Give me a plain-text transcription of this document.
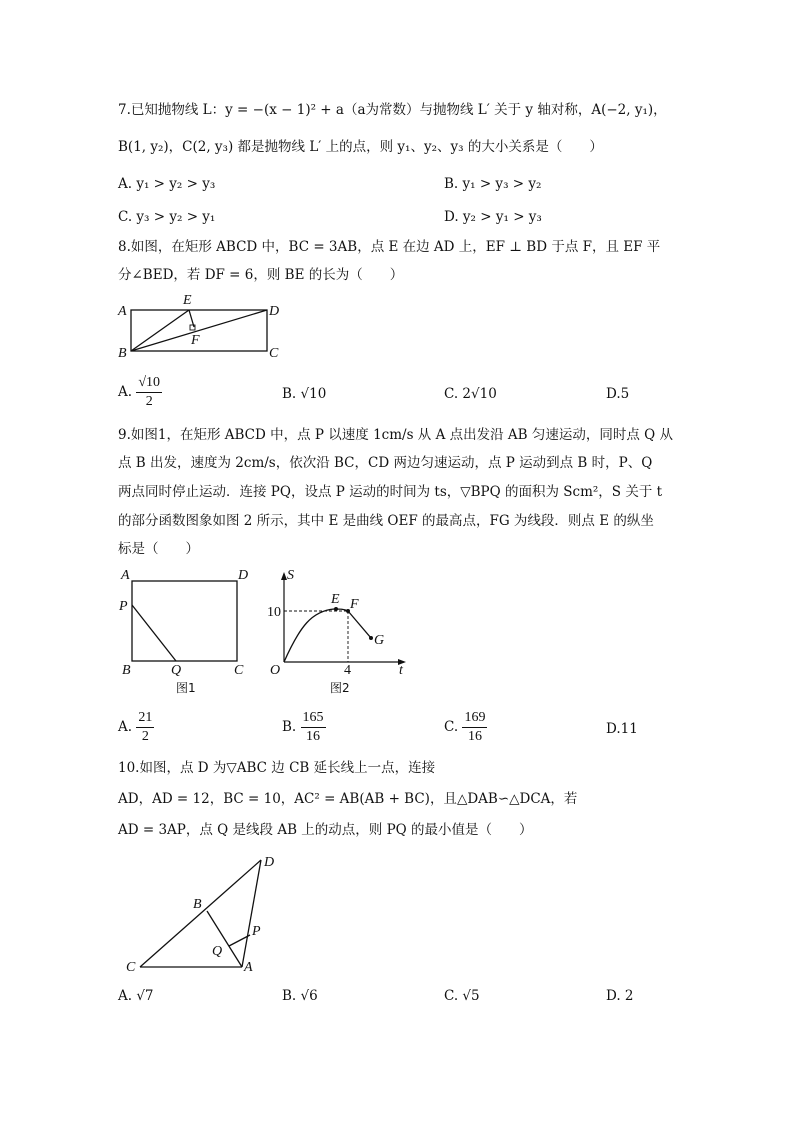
7.已知抛物线 L：y = −(x − 1)² + a（a为常数）与抛物线 L′ 关于 y 轴对称，A(−2, y₁)，
B(1, y₂)，C(2, y₃) 都是抛物线 L′ 上的点，则 y₁、y₂、y₃ 的大小关系是（　　）
A. y₁ > y₂ > y₃	B. y₁ > y₃ > y₂
C. y₃ > y₂ > y₁	D. y₂ > y₁ > y₃
8.如图，在矩形 ABCD 中，BC = 3AB，点 E 在边 AD 上，EF ⊥ BD 于点 F，且 EF 平
分∠BED，若 DF = 6，则 BE 的长为（　　）
A
E
D
B
F
C
A. $\frac{√10}{2}$	B. √10	C. 2√10	D.5
9.如图1，在矩形 ABCD 中，点 P 以速度 1cm/s 从 A 点出发沿 AB 匀速运动，同时点 Q 从
点 B 出发，速度为 2cm/s，依次沿 BC，CD 两边匀速运动，点 P 运动到点 B 时，P、Q
两点同时停止运动．连接 PQ，设点 P 运动的时间为 ts，▽BPQ 的面积为 Scm²，S 关于 t
的部分函数图象如图 2 所示，其中 E 是曲线 OEF 的最高点，FG 为线段．则点 E 的纵坐
标是（　　）
A	D
P
B	Q	C
图1
S
E F
G
O	t
10
4
图2
A. $\frac{21}{2}$	B. $\frac{165}{16}$	C. $\frac{169}{16}$	D.11
10.如图，点 D 为▽ABC 边 CB 延长线上一点，连接
AD，AD = 12，BC = 10，AC² = AB(AB + BC)，且△DAB∽△DCA，若
AD = 3AP，点 Q 是线段 AB 上的动点，则 PQ 的最小值是（　　）
D
B
P
Q
C	A
A. √7	B. √6	C. √5	D. 2
